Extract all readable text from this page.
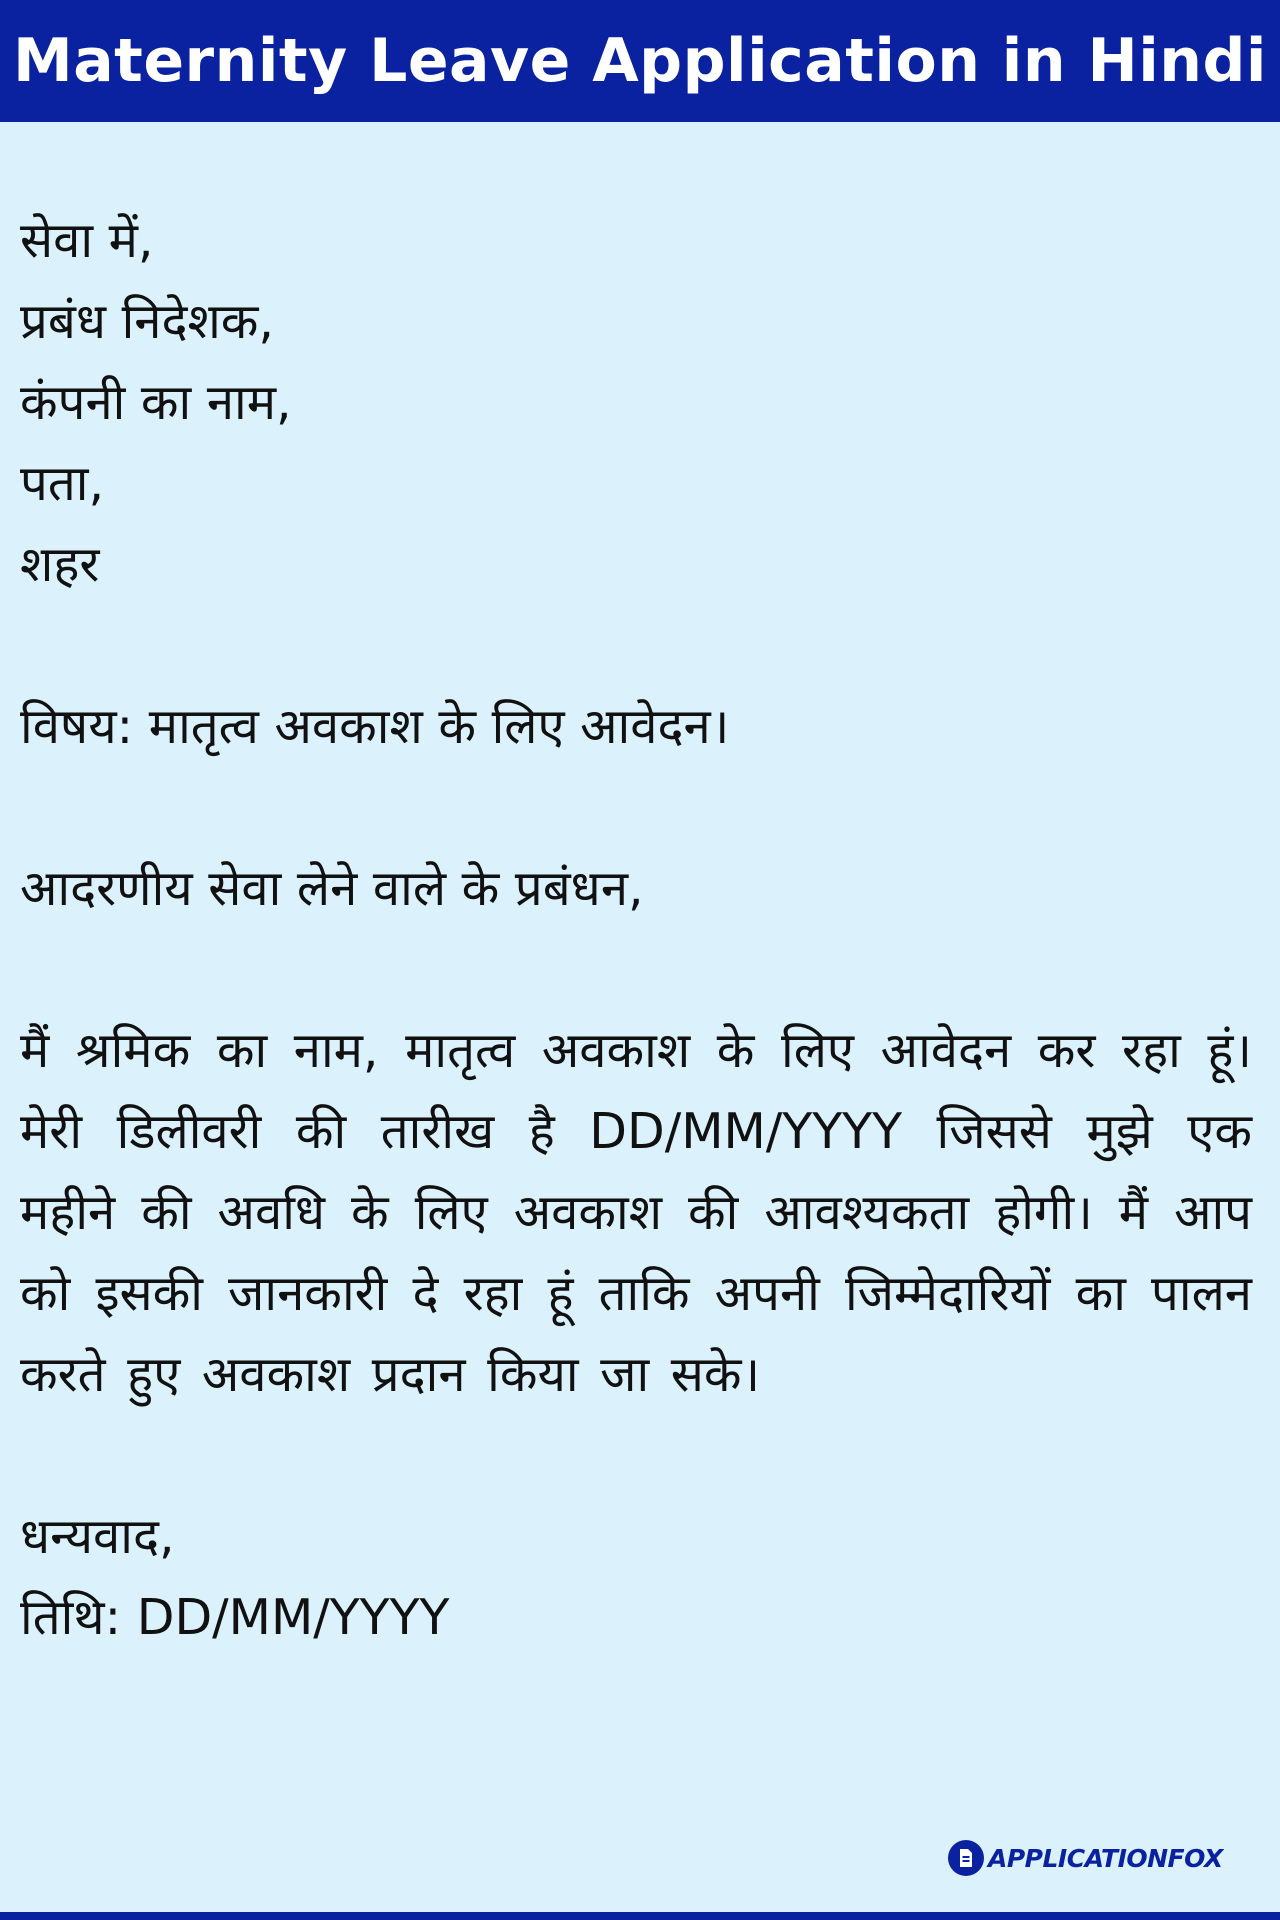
Maternity Leave Application in Hindi
सेवा में,
प्रबंध निदेशक,
कंपनी का नाम,
पता,
शहर
विषय: मातृत्व अवकाश के लिए आवेदन।
आदरणीय सेवा लेने वाले के प्रबंधन,
मैं श्रमिक का नाम, मातृत्व अवकाश के लिए आवेदन कर रहा हूं। मेरी डिलीवरी की तारीख है DD/MM/YYYY जिससे मुझे एक महीने की अवधि के लिए अवकाश की आवश्यकता होगी। मैं आप को इसकी जानकारी दे रहा हूं ताकि अपनी जिम्मेदारियों का पालन करते हुए अवकाश प्रदान किया जा सके।
धन्यवाद,
तिथि: DD/MM/YYYY
APPLICATIONFOX
